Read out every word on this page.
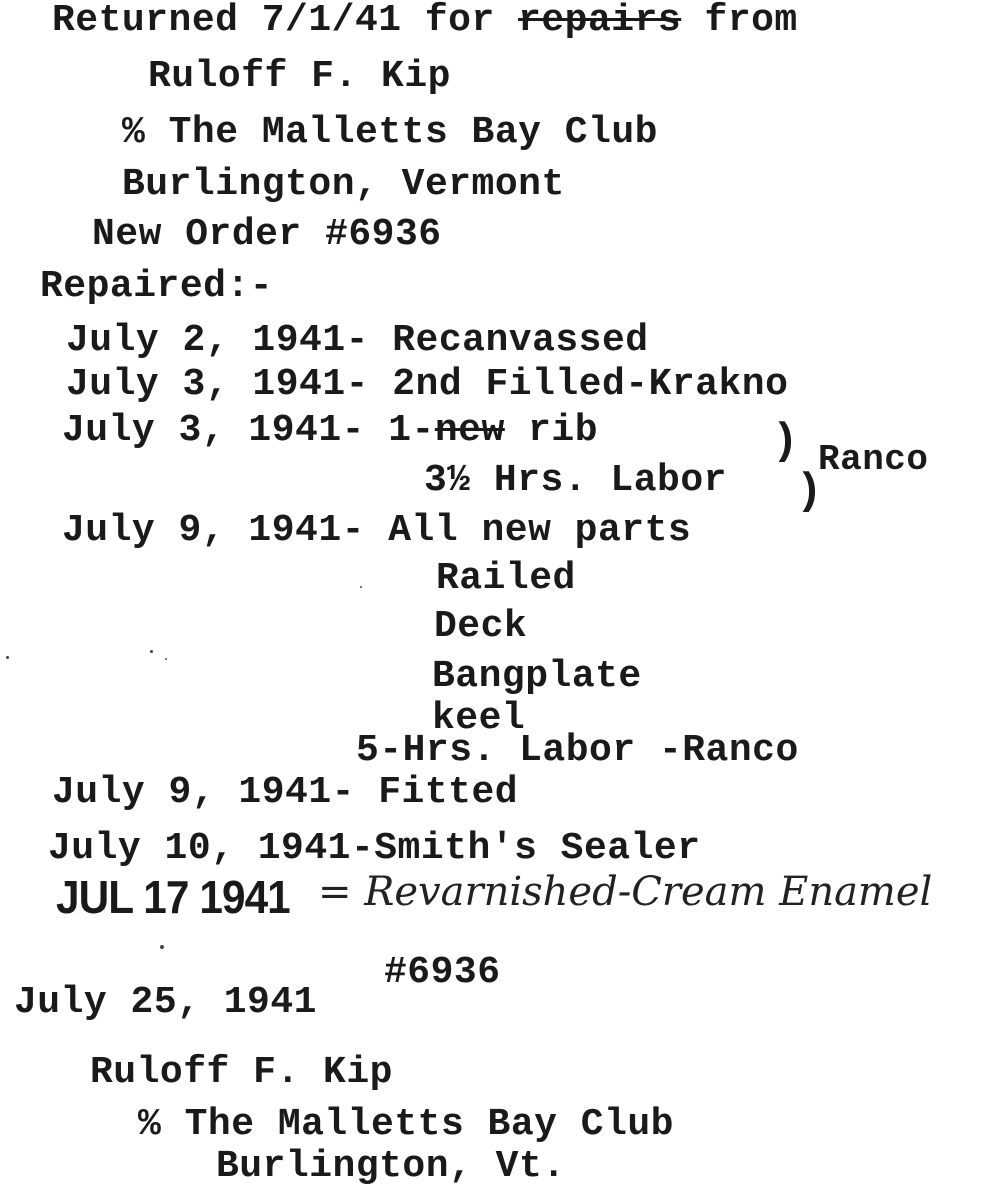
Returned 7/1/41 for repairs from
Ruloff F. Kip
% The Malletts Bay Club
Burlington, Vermont
New Order #6936
Repaired:-
July 2, 1941- Recanvassed
July 3, 1941- 2nd Filled-Krakno
July 3, 1941- 1-new rib
3½ Hrs. Labor
)
)
Ranco
July 9, 1941- All new parts
Railed
Deck
Bangplate
keel
5-Hrs. Labor -Ranco
July 9, 1941- Fitted
July 10, 1941-Smith's Sealer
JUL 17 1941 = Revarnished-Cream Enamel
#6936
July 25, 1941
Ruloff F. Kip
% The Malletts Bay Club
Burlington, Vt.
